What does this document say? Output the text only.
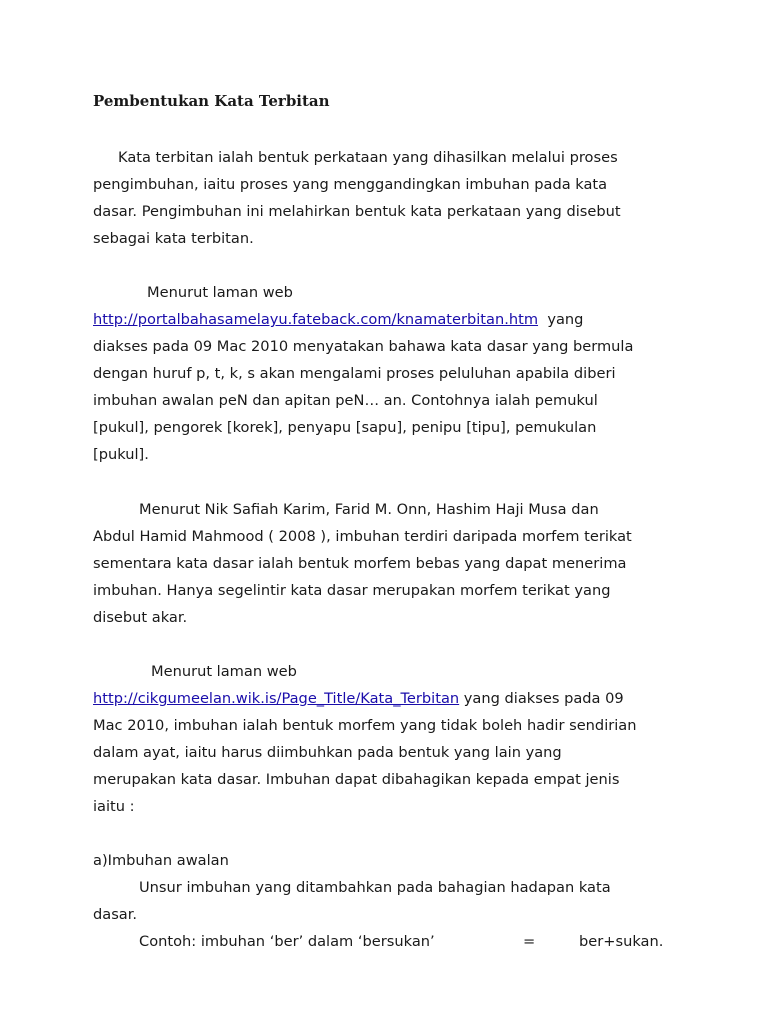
Pembentukan Kata Terbitan
Kata terbitan ialah bentuk perkataan yang dihasilkan melalui proses
pengimbuhan, iaitu proses yang menggandingkan imbuhan pada kata
dasar. Pengimbuhan ini melahirkan bentuk kata perkataan yang disebut
sebagai kata terbitan.
Menurut laman web
http://portalbahasamelayu.fateback.com/knamaterbitan.htm yang
diakses pada 09 Mac 2010 menyatakan bahawa kata dasar yang bermula
dengan huruf p, t, k, s akan mengalami proses peluluhan apabila diberi
imbuhan awalan peN dan apitan peN… an. Contohnya ialah pemukul
[pukul], pengorek [korek], penyapu [sapu], penipu [tipu], pemukulan
[pukul].
Menurut Nik Safiah Karim, Farid M. Onn, Hashim Haji Musa dan
Abdul Hamid Mahmood ( 2008 ), imbuhan terdiri daripada morfem terikat
sementara kata dasar ialah bentuk morfem bebas yang dapat menerima
imbuhan. Hanya segelintir kata dasar merupakan morfem terikat yang
disebut akar.
Menurut laman web
http://cikgumeelan.wik.is/Page_Title/Kata_Terbitan yang diakses pada 09
Mac 2010, imbuhan ialah bentuk morfem yang tidak boleh hadir sendirian
dalam ayat, iaitu harus diimbuhkan pada bentuk yang lain yang
merupakan kata dasar. Imbuhan dapat dibahagikan kepada empat jenis
iaitu :
a)Imbuhan awalan
Unsur imbuhan yang ditambahkan pada bahagian hadapan kata
dasar.
Contoh: imbuhan ‘ber’ dalam ‘bersukan’	=	ber+sukan.
